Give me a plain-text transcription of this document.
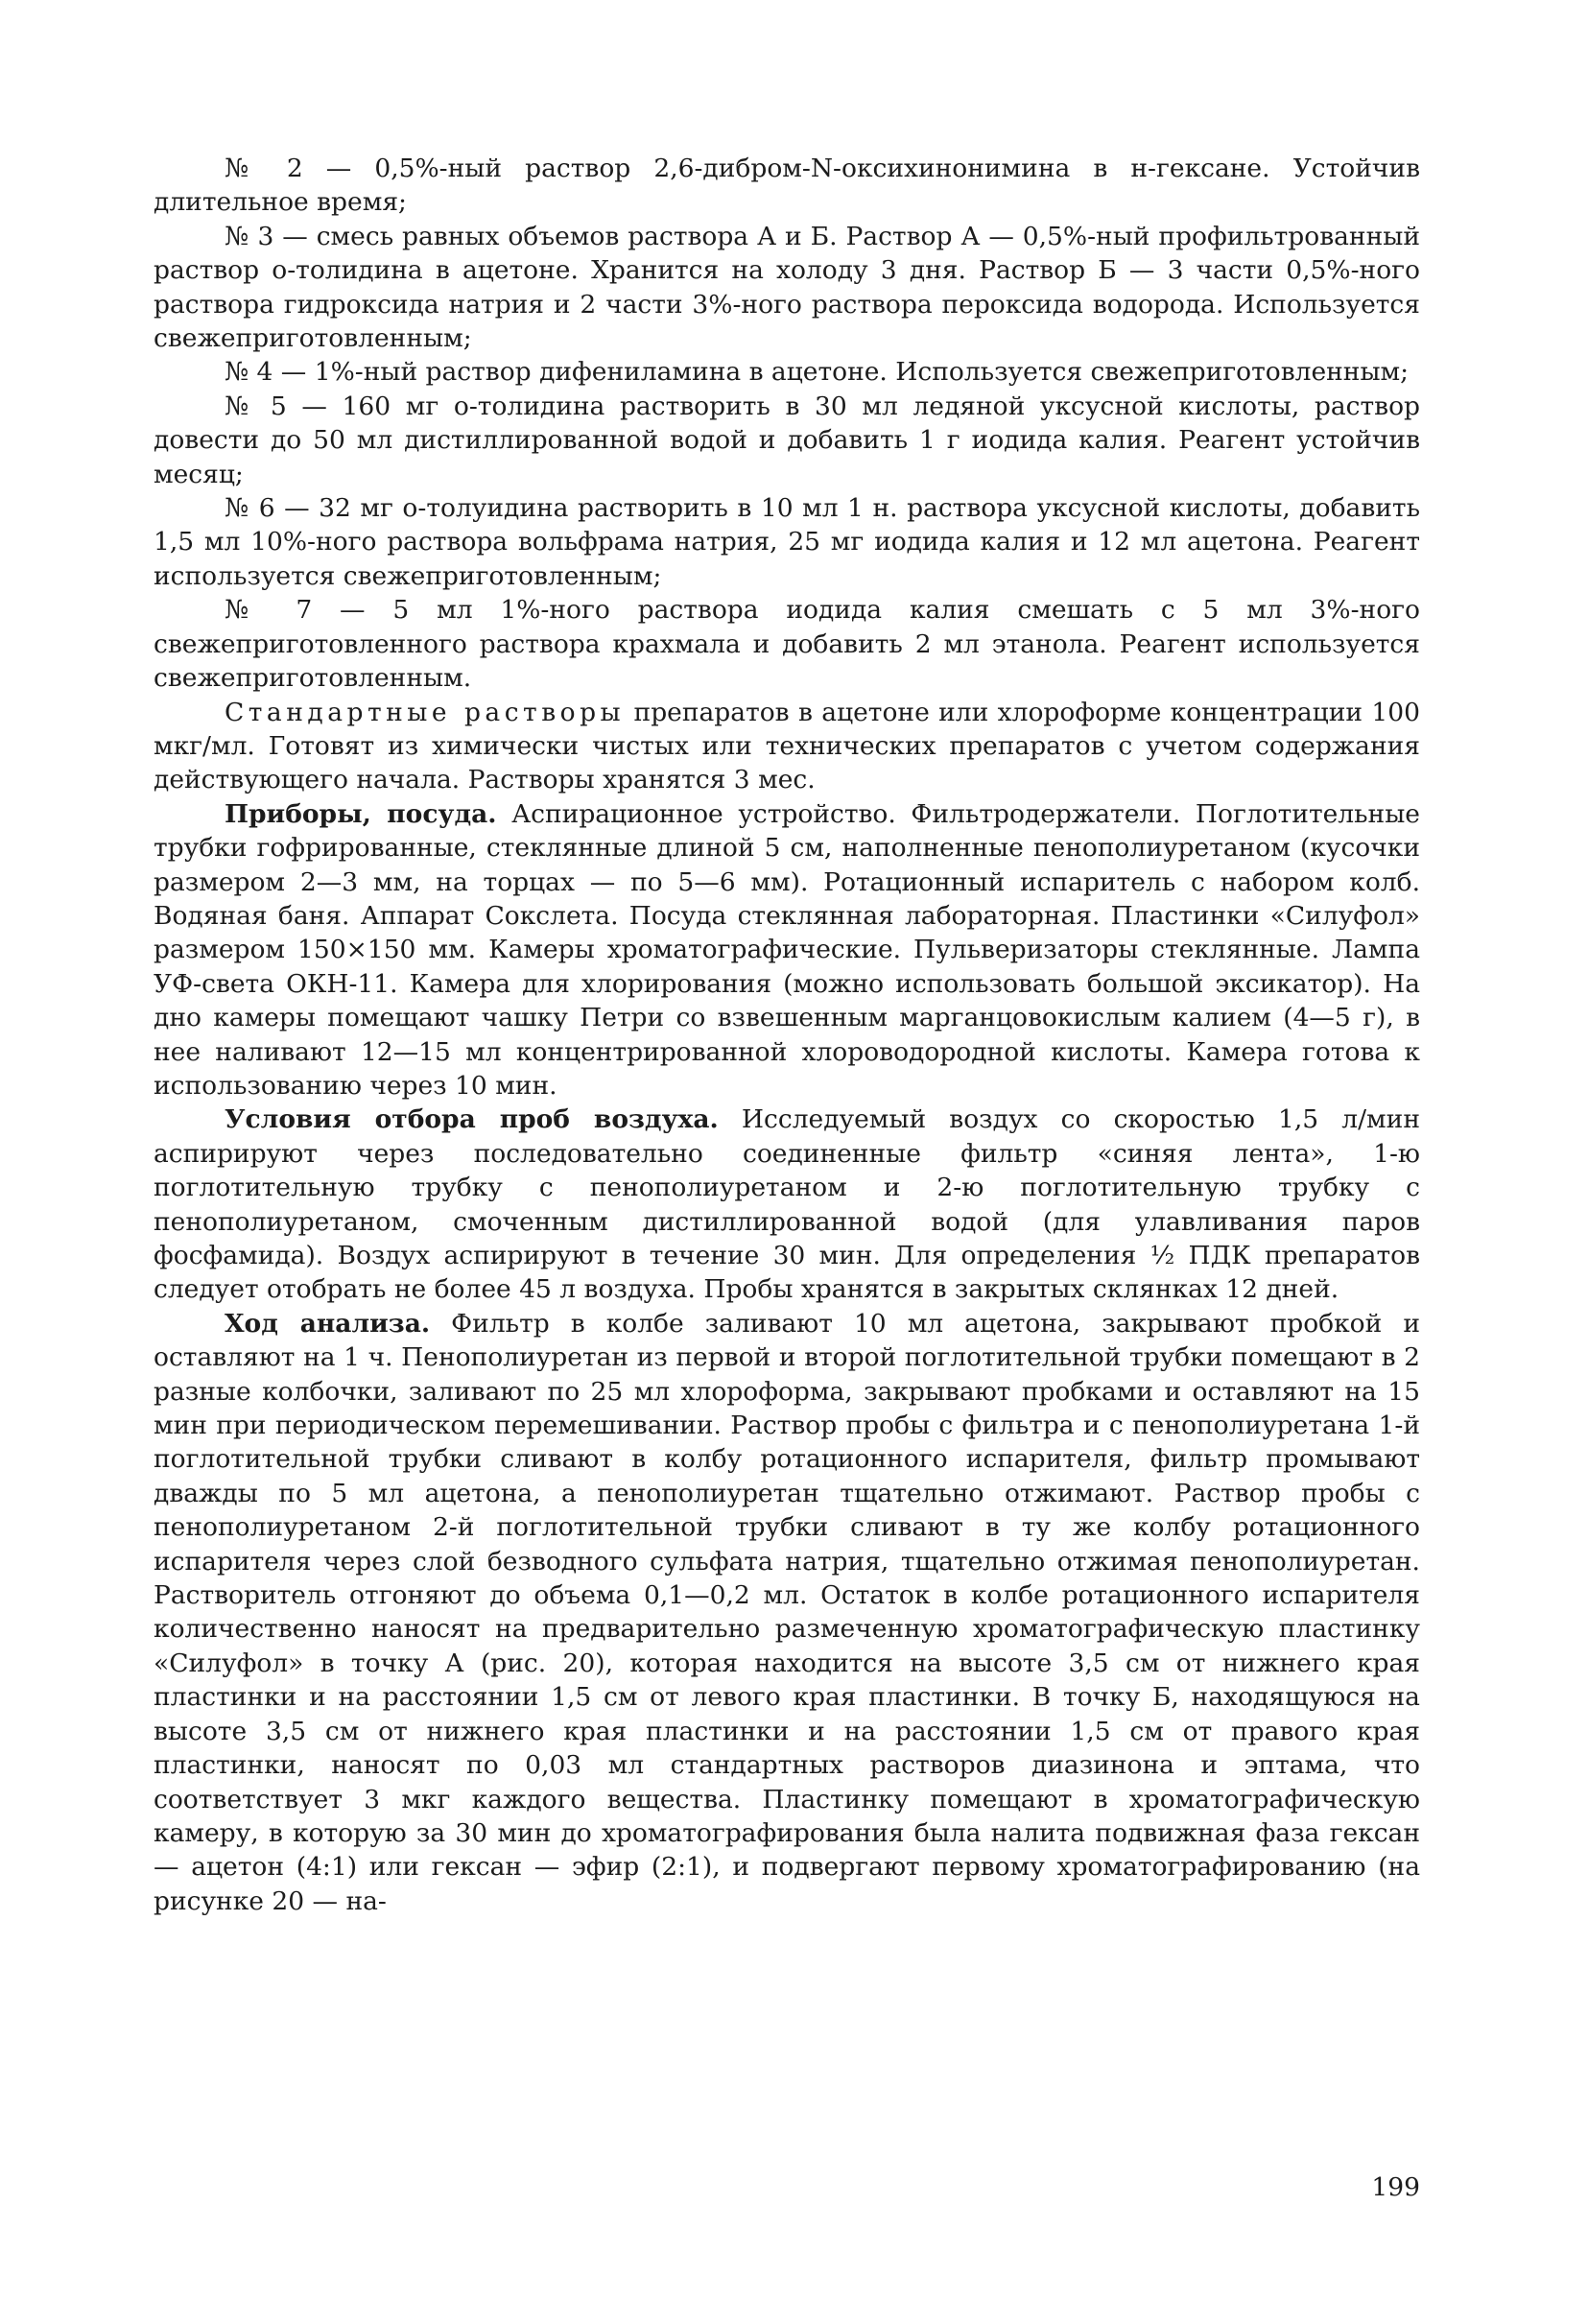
№ 2 — 0,5%-ный раствор 2,6-дибром-N-оксихинонимина в н-гексане. Устойчив длительное время;

№ 3 — смесь равных объемов раствора А и Б. Раствор А — 0,5%-ный профильтрованный раствор о-толидина в ацетоне. Хранится на холоду 3 дня. Раствор Б — 3 части 0,5%-ного раствора гидроксида натрия и 2 части 3%-ного раствора пероксида водорода. Используется свежеприготовленным;

№ 4 — 1%-ный раствор дифениламина в ацетоне. Используется свежеприготовленным;

№ 5 — 160 мг о-толидина растворить в 30 мл ледяной уксусной кислоты, раствор довести до 50 мл дистиллированной водой и добавить 1 г иодида калия. Реагент устойчив месяц;

№ 6 — 32 мг о-толуидина растворить в 10 мл 1 н. раствора уксусной кислоты, добавить 1,5 мл 10%-ного раствора вольфрама натрия, 25 мг иодида калия и 12 мл ацетона. Реагент используется свежеприготовленным;

№ 7 — 5 мл 1%-ного раствора иодида калия смешать с 5 мл 3%-ного свежеприготовленного раствора крахмала и добавить 2 мл этанола. Реагент используется свежеприготовленным.

Стандартные растворы препаратов в ацетоне или хлороформе концентрации 100 мкг/мл. Готовят из химически чистых или технических препаратов с учетом содержания действующего начала. Растворы хранятся 3 мес.

Приборы, посуда. Аспирационное устройство. Фильтродержатели. Поглотительные трубки гофрированные, стеклянные длиной 5 см, наполненные пенополиуретаном (кусочки размером 2—3 мм, на торцах — по 5—6 мм). Ротационный испаритель с набором колб. Водяная баня. Аппарат Сокслета. Посуда стеклянная лабораторная. Пластинки «Силуфол» размером 150×150 мм. Камеры хроматографические. Пульверизаторы стеклянные. Лампа УФ-света ОКН-11. Камера для хлорирования (можно использовать большой эксикатор). На дно камеры помещают чашку Петри со взвешенным марганцовокислым калием (4—5 г), в нее наливают 12—15 мл концентрированной хлороводородной кислоты. Камера готова к использованию через 10 мин.

Условия отбора проб воздуха. Исследуемый воздух со скоростью 1,5 л/мин аспирируют через последовательно соединенные фильтр «синяя лента», 1-ю поглотительную трубку с пенополиуретаном и 2-ю поглотительную трубку с пенополиуретаном, смоченным дистиллированной водой (для улавливания паров фосфамида). Воздух аспирируют в течение 30 мин. Для определения ½ ПДК препаратов следует отобрать не более 45 л воздуха. Пробы хранятся в закрытых склянках 12 дней.

Ход анализа. Фильтр в колбе заливают 10 мл ацетона, закрывают пробкой и оставляют на 1 ч. Пенополиуретан из первой и второй поглотительной трубки помещают в 2 разные колбочки, заливают по 25 мл хлороформа, закрывают пробками и оставляют на 15 мин при периодическом перемешивании. Раствор пробы с фильтра и с пенополиуретана 1-й поглотительной трубки сливают в колбу ротационного испарителя, фильтр промывают дважды по 5 мл ацетона, а пенополиуретан тщательно отжимают. Раствор пробы с пенополиуретаном 2-й поглотительной трубки сливают в ту же колбу ротационного испарителя через слой безводного сульфата натрия, тщательно отжимая пенополиуретан. Растворитель отгоняют до объема 0,1—0,2 мл. Остаток в колбе ротационного испарителя количественно наносят на предварительно размеченную хроматографическую пластинку «Силуфол» в точку А (рис. 20), которая находится на высоте 3,5 см от нижнего края пластинки и на расстоянии 1,5 см от левого края пластинки. В точку Б, находящуюся на высоте 3,5 см от нижнего края пластинки и на расстоянии 1,5 см от правого края пластинки, наносят по 0,03 мл стандартных растворов диазинона и эптама, что соответствует 3 мкг каждого вещества. Пластинку помещают в хроматографическую камеру, в которую за 30 мин до хроматографирования была налита подвижная фаза гексан — ацетон (4:1) или гексан — эфир (2:1), и подвергают первому хроматографированию (на рисунке 20 — на-

199
